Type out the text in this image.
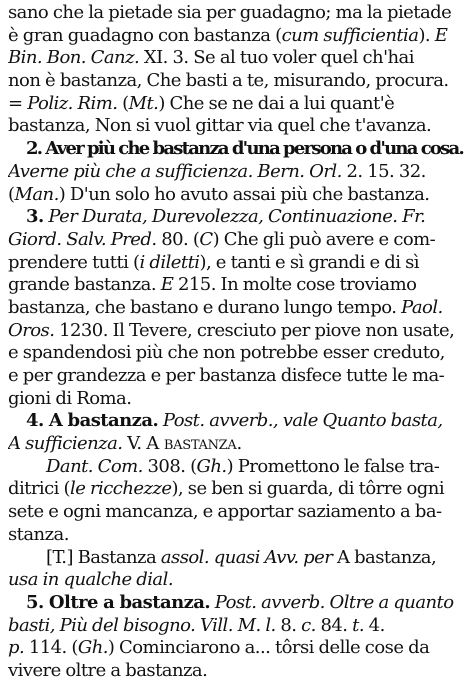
sano che la pietade sia per guadagno; ma la pietade
è gran guadagno con bastanza (cum sufficientia). E
Bin. Bon. Canz. XI. 3. Se al tuo voler quel ch'hai
non è bastanza, Che basti a te, misurando, procura.
= Poliz. Rim. (Mt.) Che se ne dai a lui quant'è
bastanza, Non si vuol gittar via quel che t'avanza.
2. Aver più che bastanza d'una persona o d'una cosa.
Averne più che a sufficienza. Bern. Orl. 2. 15. 32.
(Man.) D'un solo ho avuto assai più che bastanza.
3. Per Durata, Durevolezza, Continuazione. Fr.
Giord. Salv. Pred. 80. (C) Che gli può avere e com-
prendere tutti (i diletti), e tanti e sì grandi e di sì
grande bastanza. E 215. In molte cose troviamo
bastanza, che bastano e durano lungo tempo. Paol.
Oros. 1230. Il Tevere, cresciuto per piove non usate,
e spandendosi più che non potrebbe esser creduto,
e per grandezza e per bastanza disfece tutte le ma-
gioni di Roma.
4. A bastanza. Post. avverb., vale Quanto basta,
A sufficienza. V. A bastanza.
Dant. Com. 308. (Gh.) Promettono le false tra-
ditrici (le ricchezze), se ben si guarda, di tôrre ogni
sete e ogni mancanza, e apportar saziamento a ba-
stanza.
[T.] Bastanza assol. quasi Avv. per A bastanza,
usa in qualche dial.
5. Oltre a bastanza. Post. avverb. Oltre a quanto
basti, Più del bisogno. Vill. M. l. 8. c. 84. t. 4.
p. 114. (Gh.) Cominciarono a... tôrsi delle cose da
vivere oltre a bastanza.
